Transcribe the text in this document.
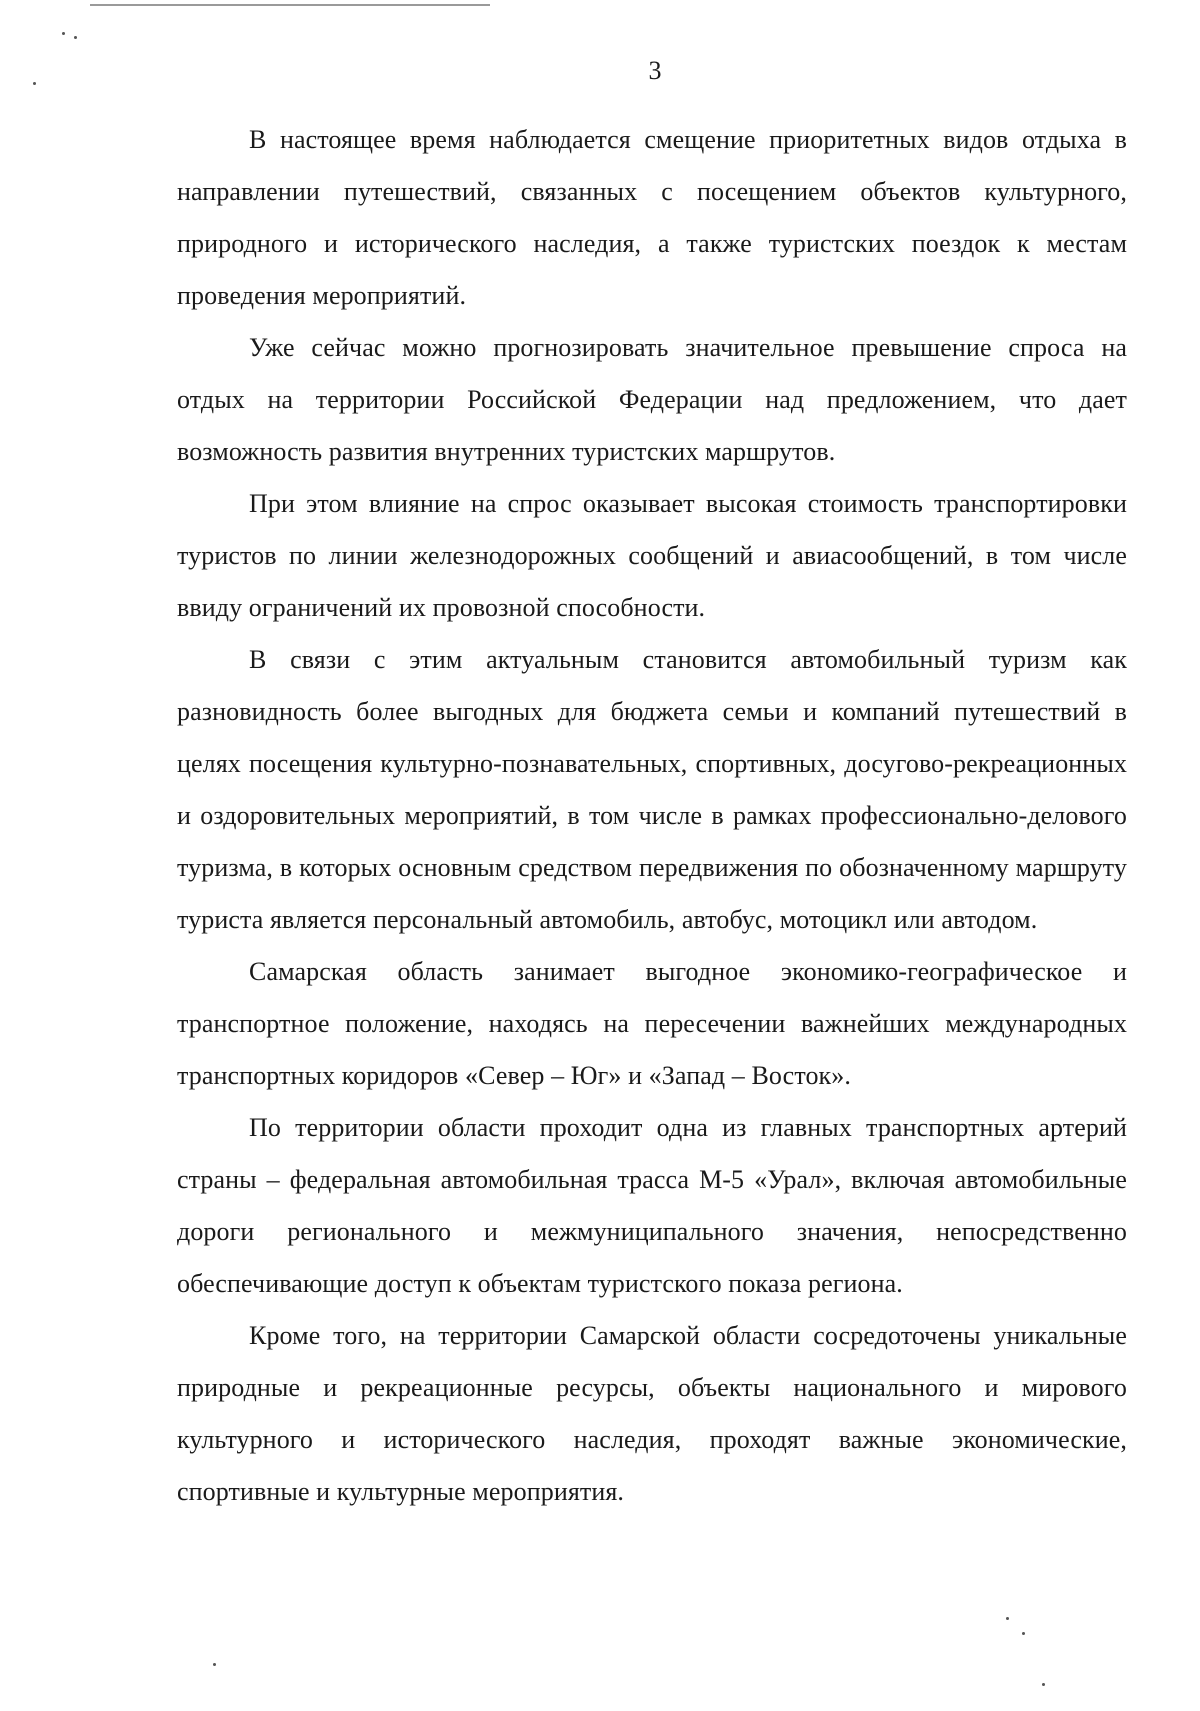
3

В настоящее время наблюдается смещение приоритетных видов отдыха в направлении путешествий, связанных с посещением объектов культурного, природного и исторического наследия, а также туристских поездок к местам проведения мероприятий.

Уже сейчас можно прогнозировать значительное превышение спроса на отдых на территории Российской Федерации над предложением, что дает возможность развития внутренних туристских маршрутов.

При этом влияние на спрос оказывает высокая стоимость транспортировки туристов по линии железнодорожных сообщений и авиасообщений, в том числе ввиду ограничений их провозной способности.

В связи с этим актуальным становится автомобильный туризм как разновидность более выгодных для бюджета семьи и компаний путешествий в целях посещения культурно-познавательных, спортивных, досугово-рекреационных и оздоровительных мероприятий, в том числе в рамках профессионально-делового туризма, в которых основным средством передвижения по обозначенному маршруту туриста является персональный автомобиль, автобус, мотоцикл или автодом.

Самарская область занимает выгодное экономико-географическое и транспортное положение, находясь на пересечении важнейших международных транспортных коридоров «Север – Юг» и «Запад – Восток».

По территории области проходит одна из главных транспортных артерий страны – федеральная автомобильная трасса М-5 «Урал», включая автомобильные дороги регионального и межмуниципального значения, непосредственно обеспечивающие доступ к объектам туристского показа региона.

Кроме того, на территории Самарской области сосредоточены уникальные природные и рекреационные ресурсы, объекты национального и мирового культурного и исторического наследия, проходят важные экономические, спортивные и культурные мероприятия.
